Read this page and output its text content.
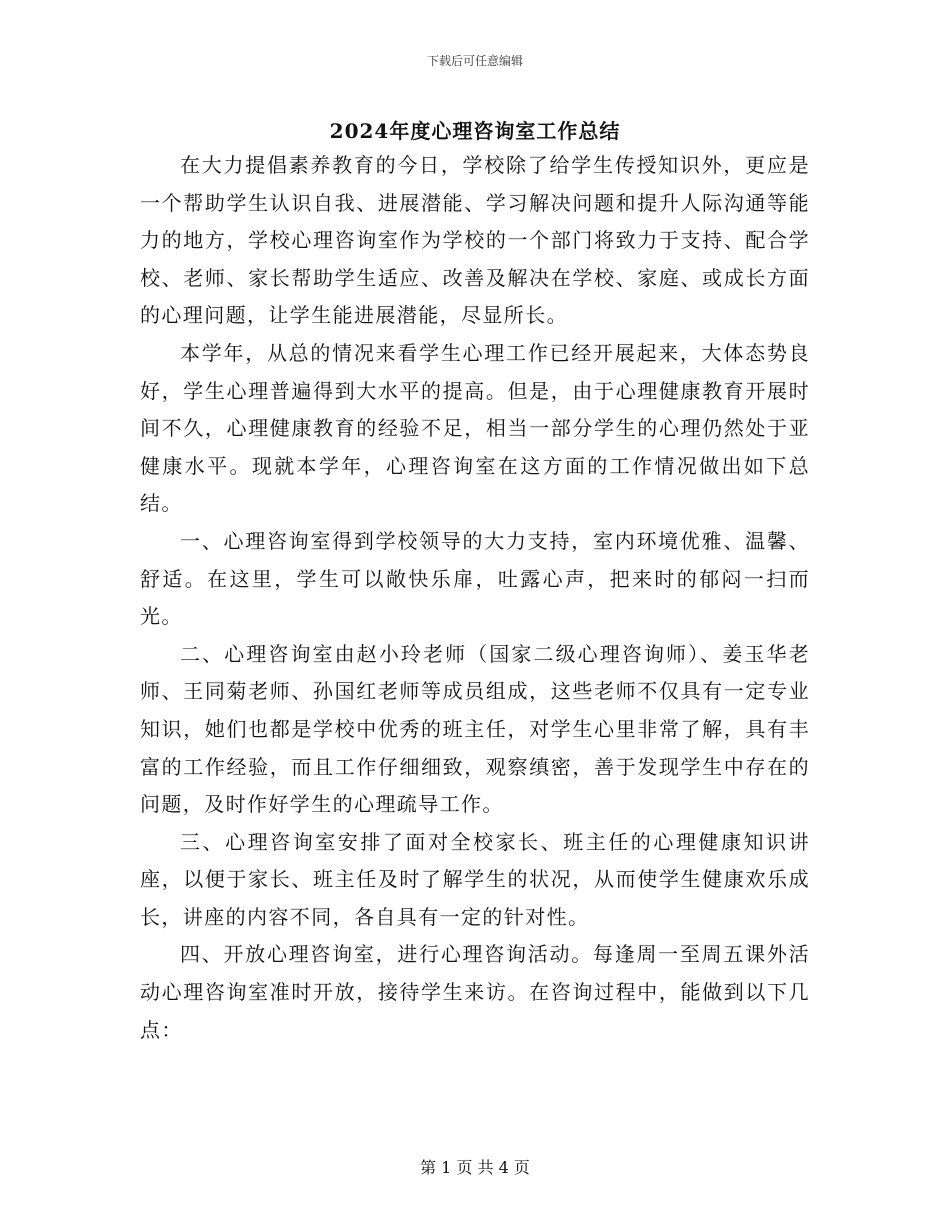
下载后可任意编辑
2024年度心理咨询室工作总结

在大力提倡素养教育的今日，学校除了给学生传授知识外，更应是一个帮助学生认识自我、进展潜能、学习解决问题和提升人际沟通等能力的地方，学校心理咨询室作为学校的一个部门将致力于支持、配合学校、老师、家长帮助学生适应、改善及解决在学校、家庭、或成长方面的心理问题，让学生能进展潜能，尽显所长。

本学年，从总的情况来看学生心理工作已经开展起来，大体态势良好，学生心理普遍得到大水平的提高。但是，由于心理健康教育开展时间不久，心理健康教育的经验不足，相当一部分学生的心理仍然处于亚健康水平。现就本学年，心理咨询室在这方面的工作情况做出如下总结。

一、心理咨询室得到学校领导的大力支持，室内环境优雅、温馨、舒适。在这里，学生可以敞快乐扉，吐露心声，把来时的郁闷一扫而光。

二、心理咨询室由赵小玲老师（国家二级心理咨询师）、姜玉华老师、王同菊老师、孙国红老师等成员组成，这些老师不仅具有一定专业知识，她们也都是学校中优秀的班主任，对学生心里非常了解，具有丰富的工作经验，而且工作仔细细致，观察缜密，善于发现学生中存在的问题，及时作好学生的心理疏导工作。

三、心理咨询室安排了面对全校家长、班主任的心理健康知识讲座，以便于家长、班主任及时了解学生的状况，从而使学生健康欢乐成长，讲座的内容不同，各自具有一定的针对性。

四、开放心理咨询室，进行心理咨询活动。每逢周一至周五课外活动心理咨询室准时开放，接待学生来访。在咨询过程中，能做到以下几点：

第 1 页 共 4 页
